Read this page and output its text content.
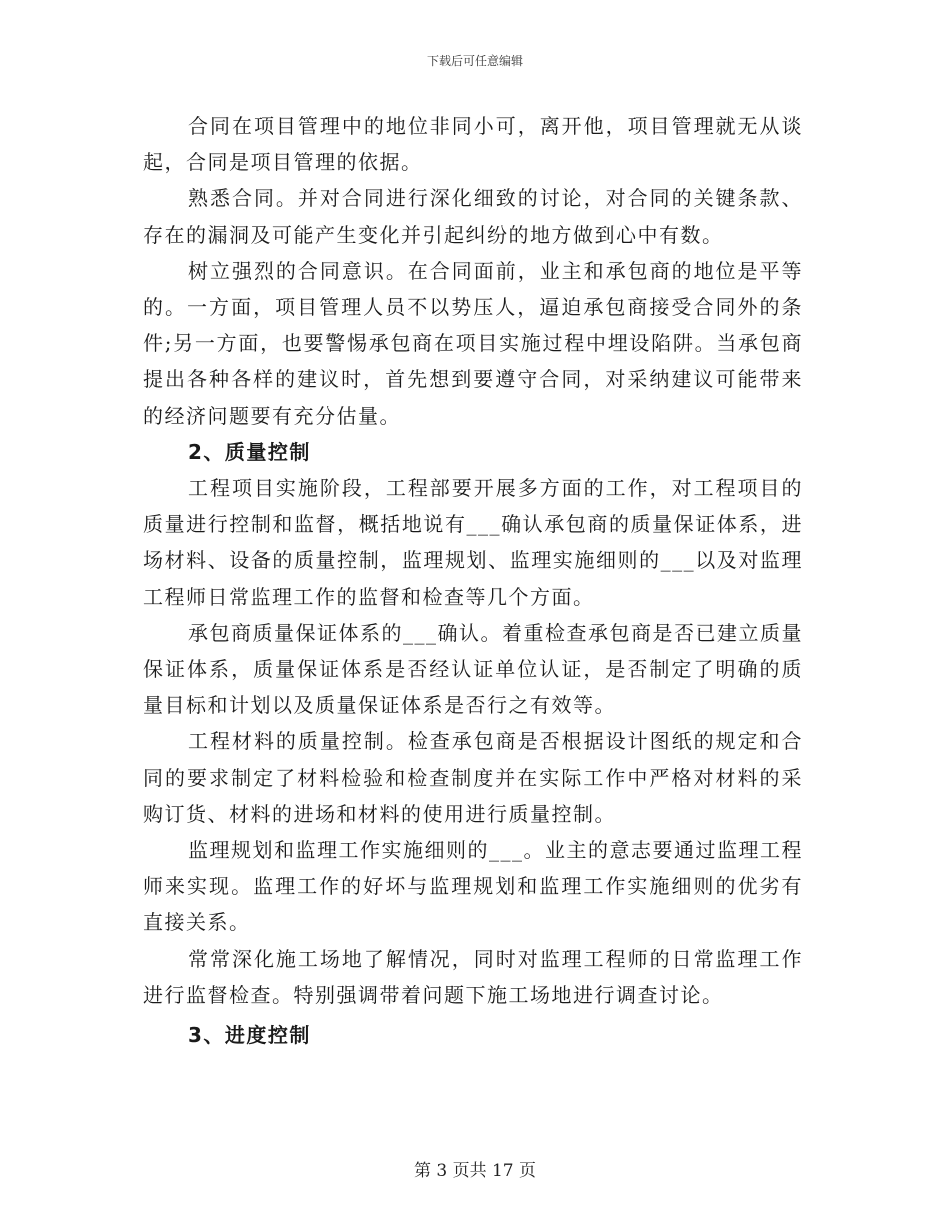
下载后可任意编辑

合同在项目管理中的地位非同小可，离开他，项目管理就无从谈起，合同是项目管理的依据。

熟悉合同。并对合同进行深化细致的讨论，对合同的关键条款、存在的漏洞及可能产生变化并引起纠纷的地方做到心中有数。

树立强烈的合同意识。在合同面前，业主和承包商的地位是平等的。一方面，项目管理人员不以势压人，逼迫承包商接受合同外的条件;另一方面，也要警惕承包商在项目实施过程中埋设陷阱。当承包商提出各种各样的建议时，首先想到要遵守合同，对采纳建议可能带来的经济问题要有充分估量。

2、质量控制

工程项目实施阶段，工程部要开展多方面的工作，对工程项目的质量进行控制和监督，概括地说有___确认承包商的质量保证体系，进场材料、设备的质量控制，监理规划、监理实施细则的___以及对监理工程师日常监理工作的监督和检查等几个方面。

承包商质量保证体系的___确认。着重检查承包商是否已建立质量保证体系，质量保证体系是否经认证单位认证，是否制定了明确的质量目标和计划以及质量保证体系是否行之有效等。

工程材料的质量控制。检查承包商是否根据设计图纸的规定和合同的要求制定了材料检验和检查制度并在实际工作中严格对材料的采购订货、材料的进场和材料的使用进行质量控制。

监理规划和监理工作实施细则的___。业主的意志要通过监理工程师来实现。监理工作的好坏与监理规划和监理工作实施细则的优劣有直接关系。

常常深化施工场地了解情况，同时对监理工程师的日常监理工作进行监督检查。特别强调带着问题下施工场地进行调查讨论。

3、进度控制

第 3 页共 17 页
